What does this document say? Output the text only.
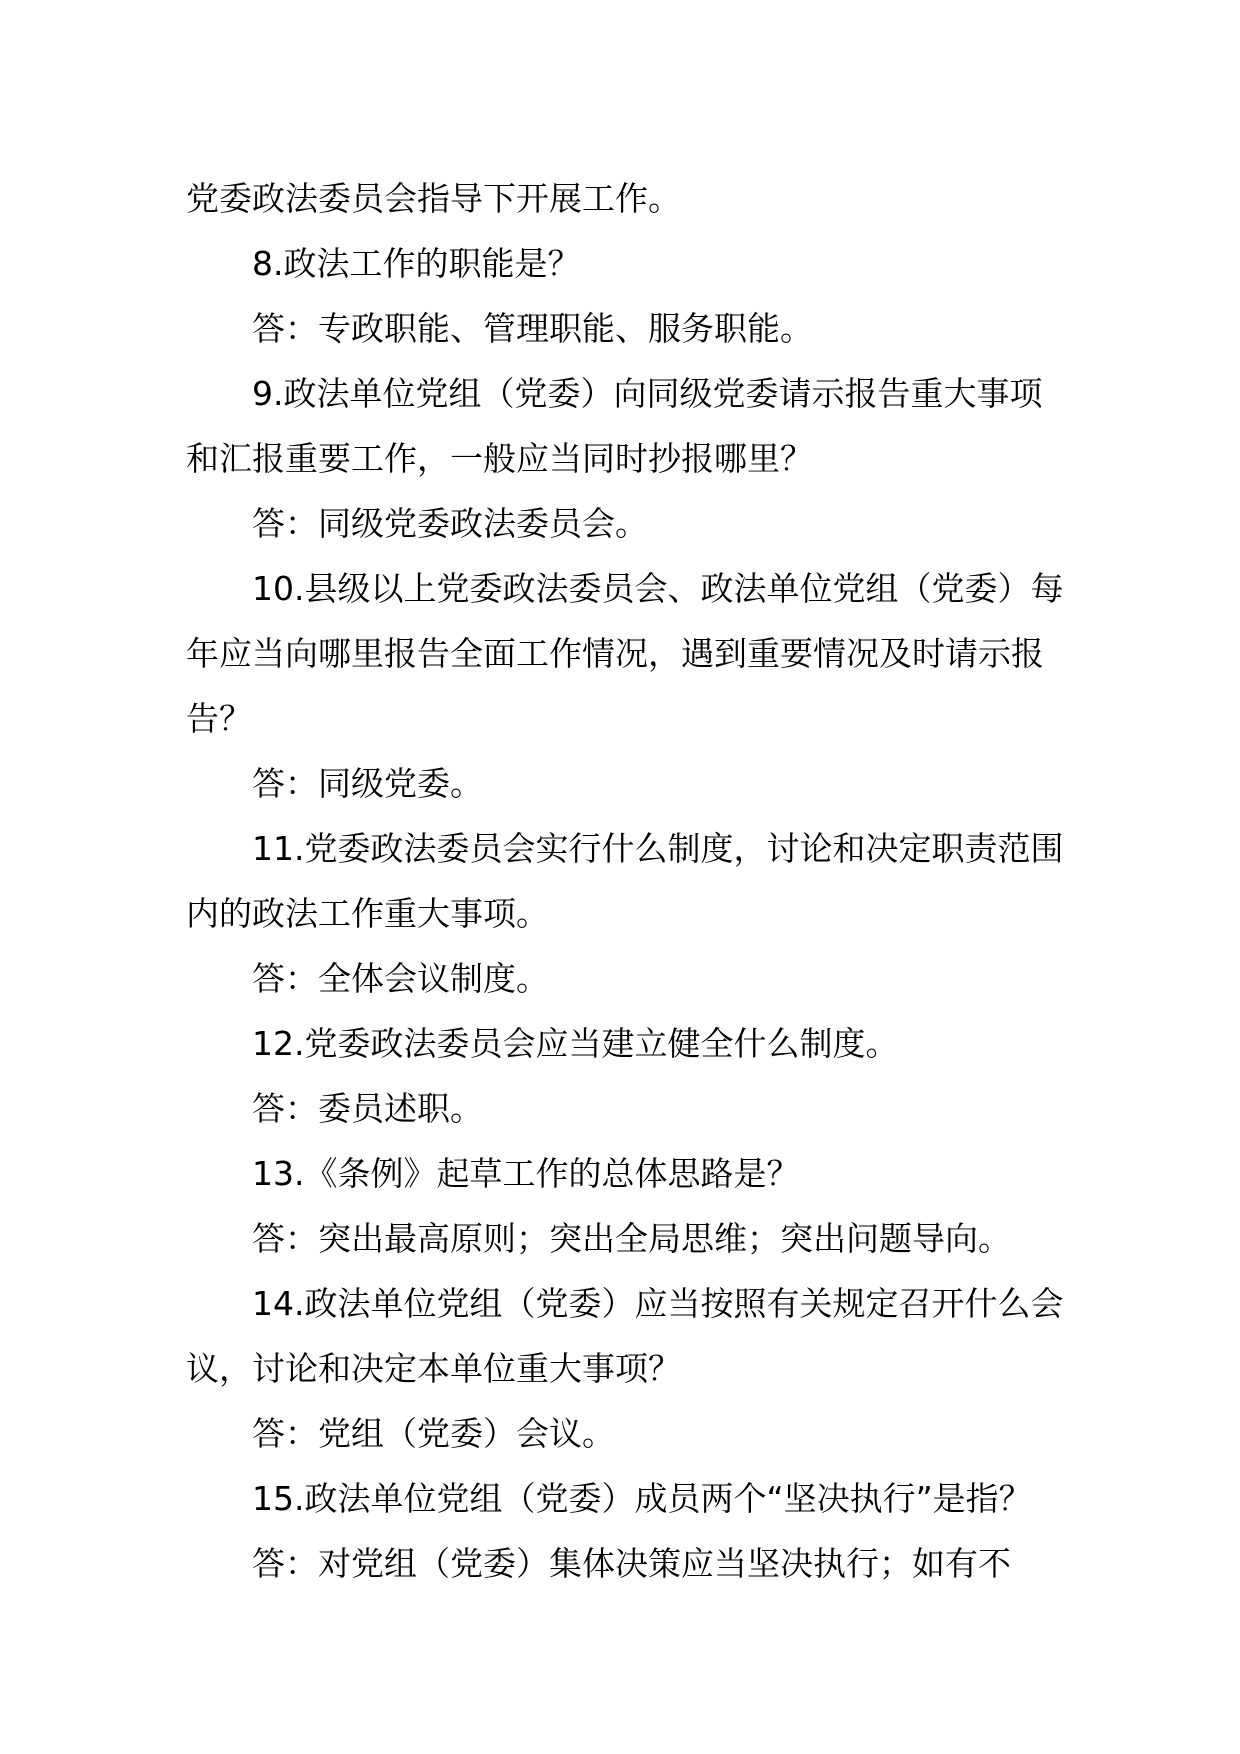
党委政法委员会指导下开展工作。

8.政法工作的职能是？

答：专政职能、管理职能、服务职能。

9.政法单位党组（党委）向同级党委请示报告重大事项和汇报重要工作，一般应当同时抄报哪里？

答：同级党委政法委员会。

10.县级以上党委政法委员会、政法单位党组（党委）每年应当向哪里报告全面工作情况，遇到重要情况及时请示报告？

答：同级党委。

11.党委政法委员会实行什么制度，讨论和决定职责范围内的政法工作重大事项。

答：全体会议制度。

12.党委政法委员会应当建立健全什么制度。

答：委员述职。

13.《条例》起草工作的总体思路是？

答：突出最高原则；突出全局思维；突出问题导向。

14.政法单位党组（党委）应当按照有关规定召开什么会议，讨论和决定本单位重大事项？

答：党组（党委）会议。

15.政法单位党组（党委）成员两个“坚决执行”是指？

答：对党组（党委）集体决策应当坚决执行；如有不
